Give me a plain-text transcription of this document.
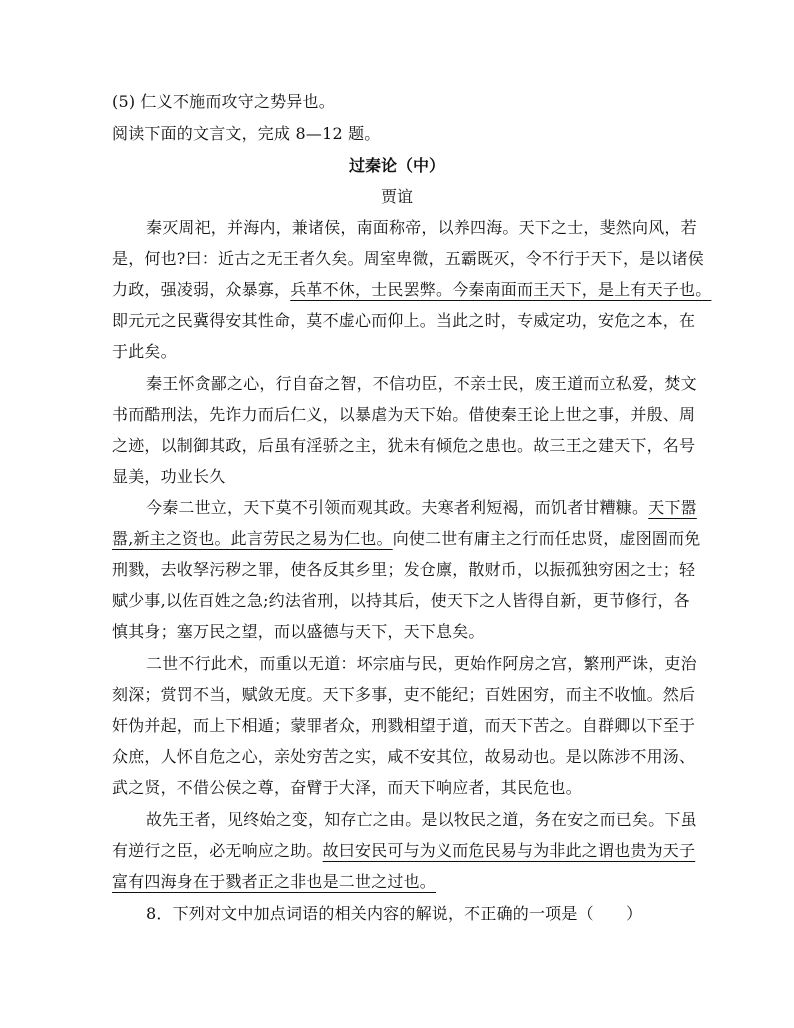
(5) 仁义不施而攻守之势异也。
阅读下面的文言文，完成 8—12 题。
过秦论（中）
贾谊
秦灭周祀，并海内，兼诸侯，南面称帝，以养四海。天下之士，斐然向风，若
是，何也?曰：近古之无王者久矣。周室卑微，五霸既灭，令不行于天下，是以诸侯
力政，强凌弱，众暴寡，兵革不休，士民罢弊。今秦南面而王天下，是上有天子也。
即元元之民冀得安其性命，莫不虚心而仰上。当此之时，专威定功，安危之本，在
于此矣。
秦王怀贪鄙之心，行自奋之智，不信功臣，不亲士民，废王道而立私爱，焚文
书而酷刑法，先诈力而后仁义，以暴虐为天下始。借使秦王论上世之事，并殷、周
之迹，以制御其政，后虽有淫骄之主，犹未有倾危之患也。故三王之建天下，名号
显美，功业长久
今秦二世立，天下莫不引领而观其政。夫寒者利短褐，而饥者甘糟糠。天下嚣
嚣,新主之资也。此言劳民之易为仁也。向使二世有庸主之行而任忠贤，虚囹圄而免
刑戮，去收孥污秽之罪，使各反其乡里；发仓廪，散财币，以振孤独穷困之士；轻
赋少事,以佐百姓之急;约法省刑，以持其后，使天下之人皆得自新，更节修行，各
慎其身；塞万民之望，而以盛德与天下，天下息矣。
二世不行此术，而重以无道：坏宗庙与民，更始作阿房之宫，繁刑严诛，吏治
刻深；赏罚不当，赋敛无度。天下多事，吏不能纪；百姓困穷，而主不收恤。然后
奸伪并起，而上下相遁；蒙罪者众，刑戮相望于道，而天下苦之。自群卿以下至于
众庶，人怀自危之心，亲处穷苦之实，咸不安其位，故易动也。是以陈涉不用汤、
武之贤，不借公侯之尊，奋臂于大泽，而天下响应者，其民危也。
故先王者，见终始之变，知存亡之由。是以牧民之道，务在安之而已矣。下虽
有逆行之臣，必无响应之助。故曰安民可与为义而危民易与为非此之谓也贵为天子
富有四海身在于戮者正之非也是二世之过也。
8．下列对文中加点词语的相关内容的解说，不正确的一项是（　　）
